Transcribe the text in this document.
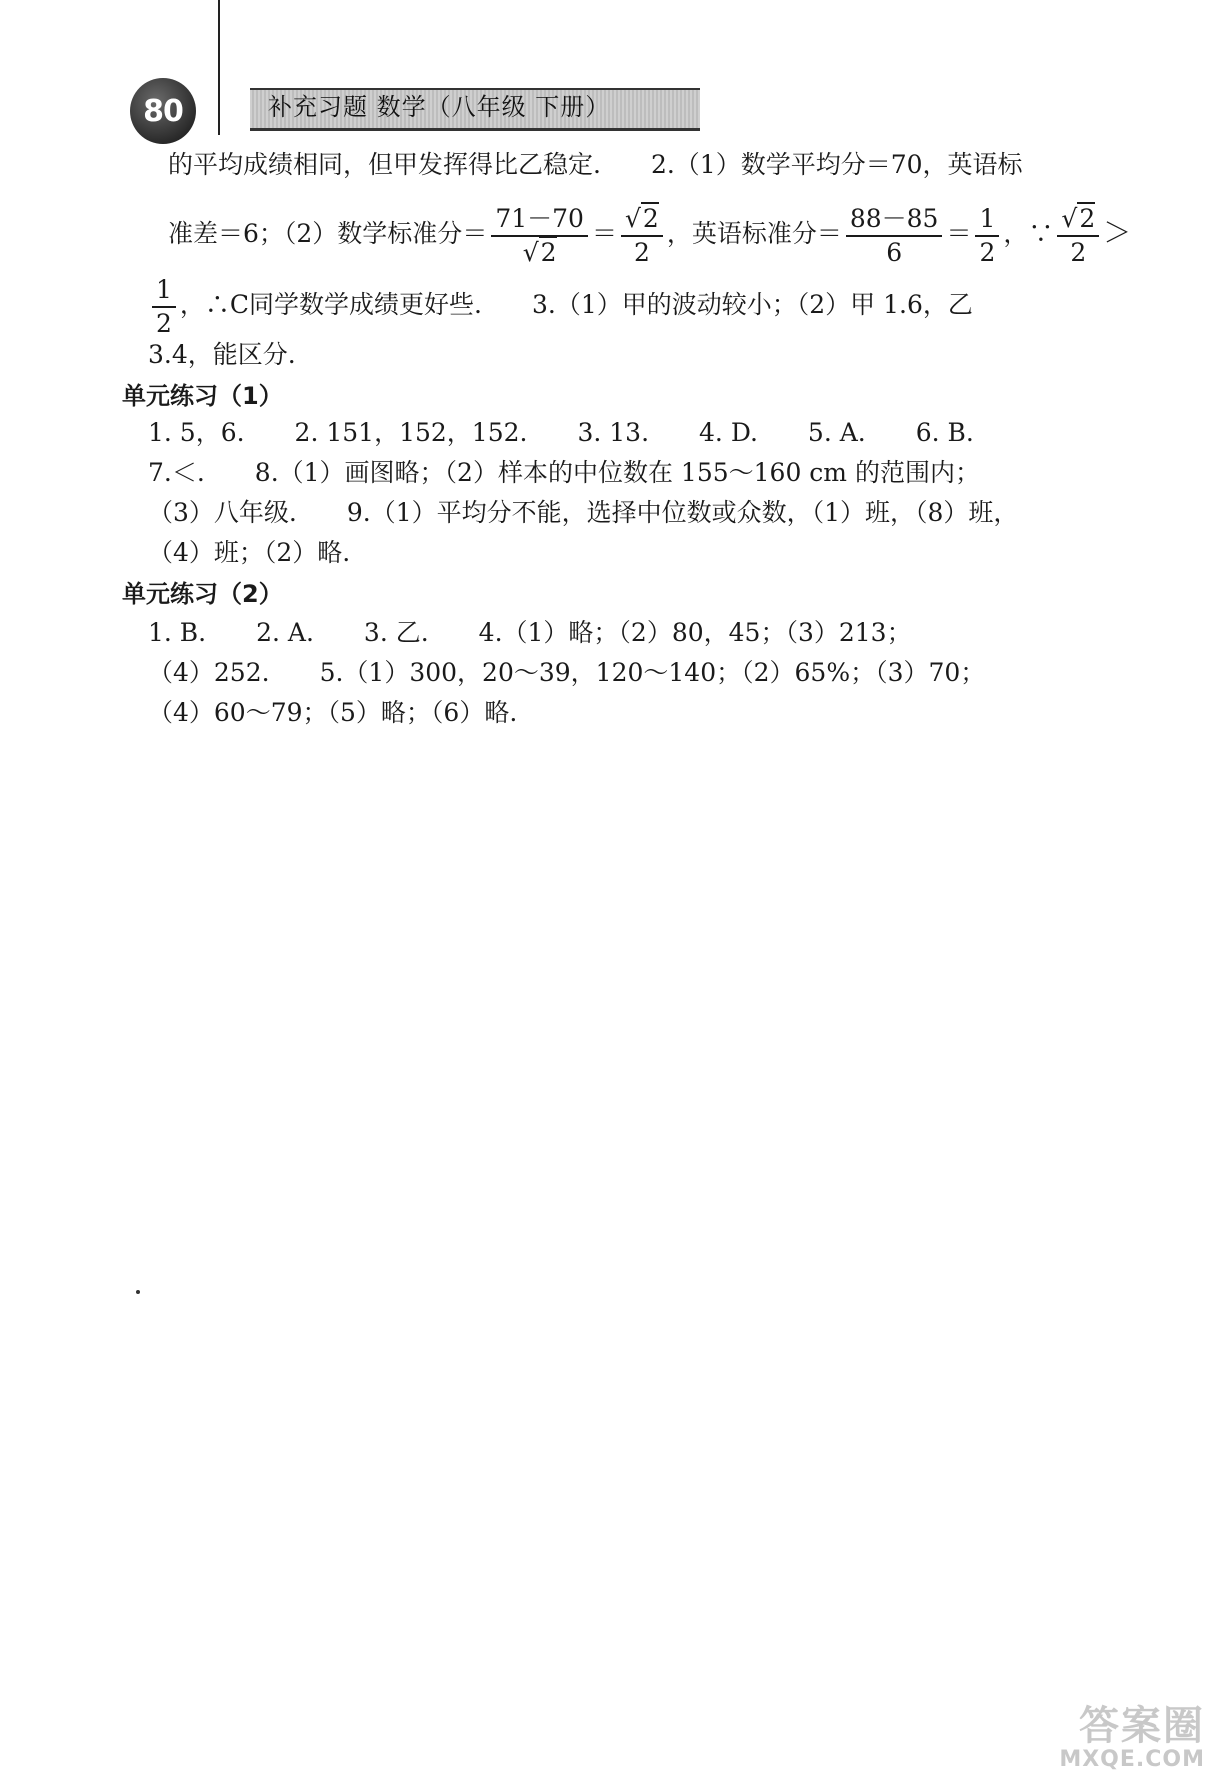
80	补充习题 数学（八年级 下册）
的平均成绩相同，但甲发挥得比乙稳定.　　2.（1）数学平均分＝70，英语标
准差＝6；（2）数学标准分＝ $\frac{71-70}{√2} = \frac{√2}{2}$ ，英语标准分＝ $\frac{88-85}{6} = \frac{1}{2}$ ，∵ $\frac{√2}{2}$ ＞
$\frac{1}{2}$ ，∴C同学数学成绩更好些.　　3.（1）甲的波动较小；（2）甲 1.6，乙
3.4，能区分.
单元练习（1）
1. 5，6.　　2. 151，152，152.　　3. 13.　　4. D.　　5. A.　　6. B.
7.＜.　　8.（1）画图略；（2）样本的中位数在 155～160 cm 的范围内；
（3）八年级.　　9.（1）平均分不能，选择中位数或众数，（1）班，（8）班，
（4）班；（2）略.
单元练习（2）
1. B.　　2. A.　　3. 乙.　　4.（1）略；（2）80，45；（3）213；
（4）252.　　5.（1）300，20～39，120～140；（2）65%；（3）70；
（4）60～79；（5）略；（6）略.
答案圈
MXQE.COM
